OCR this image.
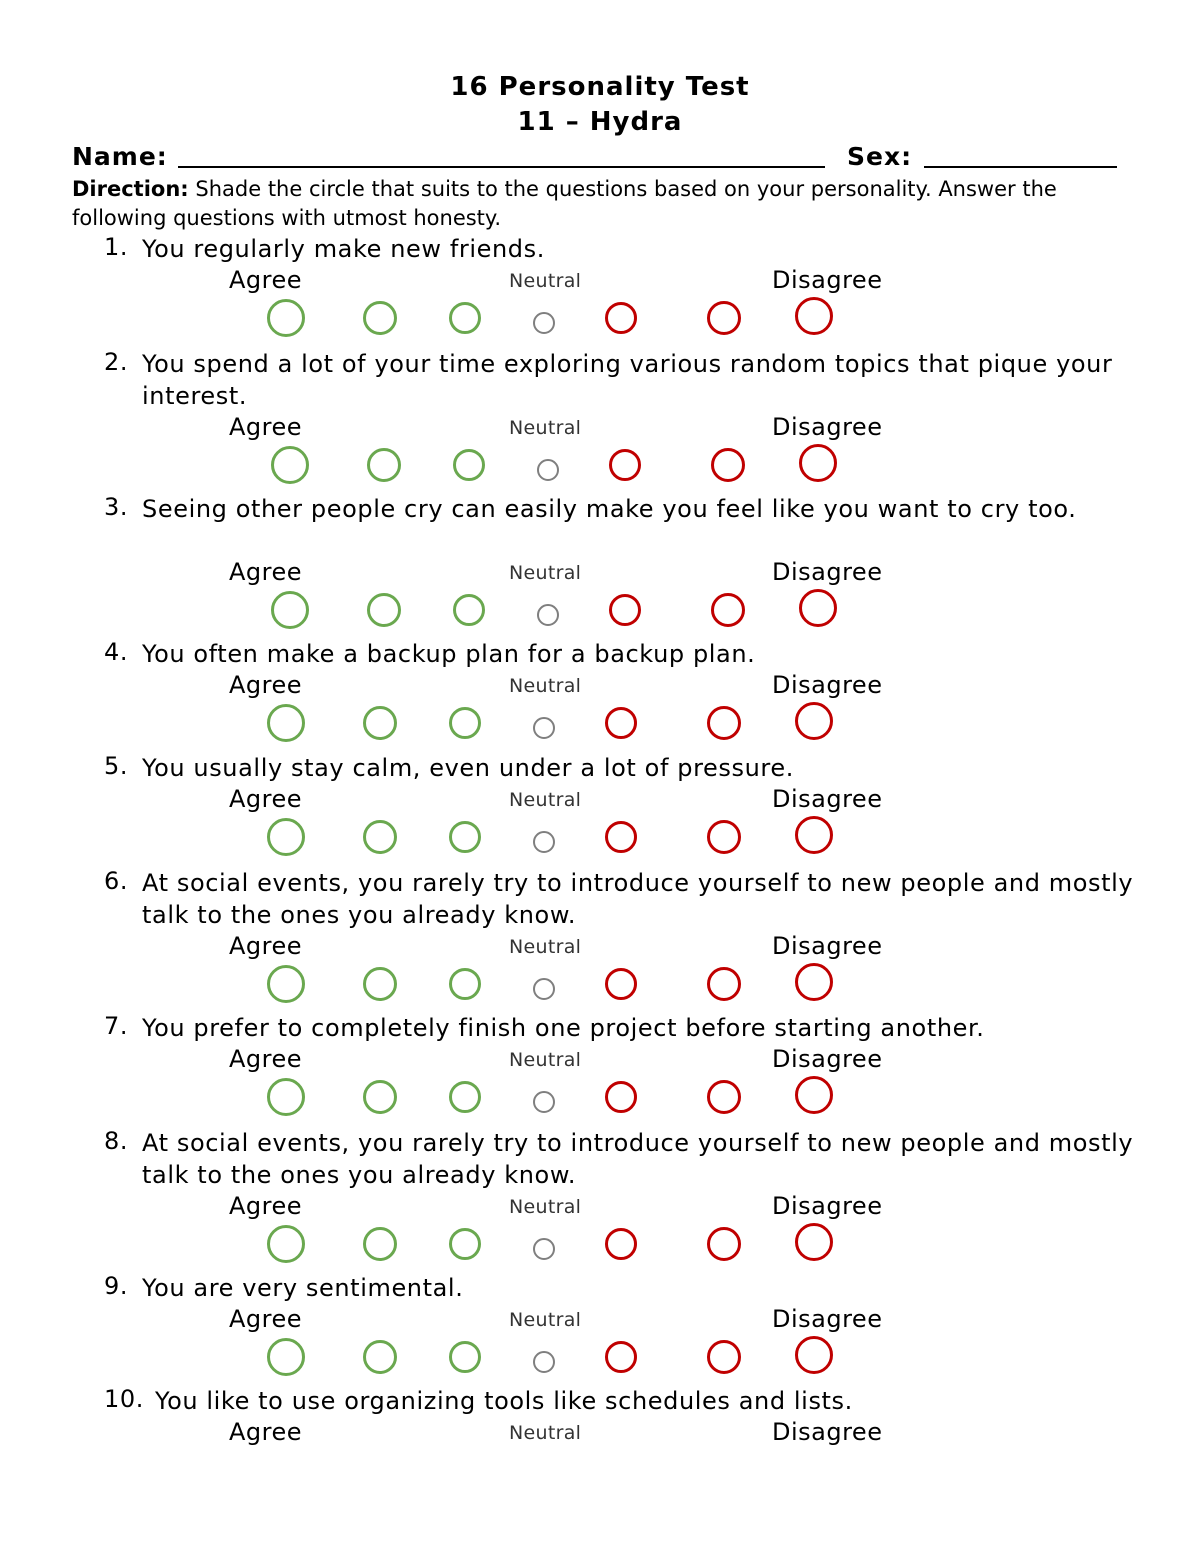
16 Personality Test
11 – Hydra
Name:	Sex:
Direction: Shade the circle that suits to the questions based on your personality. Answer the following questions with utmost honesty.
1. You regularly make new friends.
Agree	Neutral	Disagree
2. You spend a lot of your time exploring various random topics that pique your interest.
Agree	Neutral	Disagree
3. Seeing other people cry can easily make you feel like you want to cry too.
Agree	Neutral	Disagree
4. You often make a backup plan for a backup plan.
Agree	Neutral	Disagree
5. You usually stay calm, even under a lot of pressure.
Agree	Neutral	Disagree
6. At social events, you rarely try to introduce yourself to new people and mostly talk to the ones you already know.
Agree	Neutral	Disagree
7. You prefer to completely finish one project before starting another.
Agree	Neutral	Disagree
8. At social events, you rarely try to introduce yourself to new people and mostly talk to the ones you already know.
Agree	Neutral	Disagree
9. You are very sentimental.
Agree	Neutral	Disagree
10. You like to use organizing tools like schedules and lists.
Agree	Neutral	Disagree
